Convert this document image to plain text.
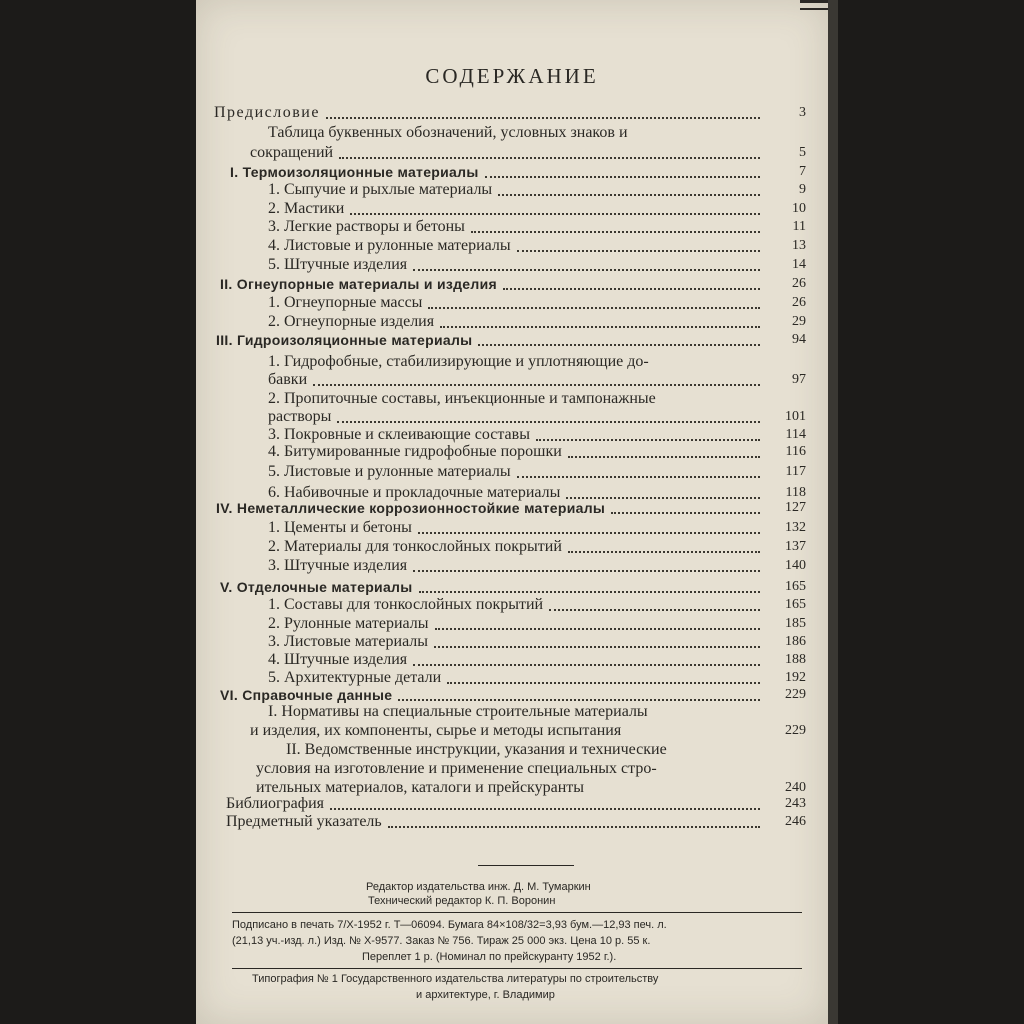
СОДЕРЖАНИЕ
Предисловие	3
Таблица буквенных обозначений, условных знаков и
сокращений	5
I. Термоизоляционные материалы	7
1. Сыпучие и рыхлые материалы	9
2. Мастики	10
3. Легкие растворы и бетоны	11
4. Листовые и рулонные материалы	13
5. Штучные изделия	14
II. Огнеупорные материалы и изделия	26
1. Огнеупорные массы	26
2. Огнеупорные изделия	29
III. Гидроизоляционные материалы	94
1. Гидрофобные, стабилизирующие и уплотняющие до-
бавки	97
2. Пропиточные составы, инъекционные и тампонажные
растворы	101
3. Покровные и склеивающие составы	114
4. Битумированные гидрофобные порошки	116
5. Листовые и рулонные материалы	117
6. Набивочные и прокладочные материалы	118
IV. Неметаллические коррозионностойкие материалы	127
1. Цементы и бетоны	132
2. Материалы для тонкослойных покрытий	137
3. Штучные изделия	140
V. Отделочные материалы	165
1. Составы для тонкослойных покрытий	165
2. Рулонные материалы	185
3. Листовые материалы	186
4. Штучные изделия	188
5. Архитектурные детали	192
VI. Справочные данные	229
I. Нормативы на специальные строительные материалы
и изделия, их компоненты, сырье и методы испытания	229
II. Ведомственные инструкции, указания и технические
условия на изготовление и применение специальных стро-
ительных материалов, каталоги и прейскуранты	240
Библиография	243
Предметный указатель	246
Редактор издательства инж. Д. М. Тумаркин
Технический редактор К. П. Воронин
Подписано в печать 7/X-1952 г. Т—06094. Бумага 84×108/32=3,93 бум.—12,93 печ. л.
(21,13 уч.-изд. л.) Изд. № X-9577. Заказ № 756. Тираж 25 000 экз. Цена 10 р. 55 к.
Переплет 1 р. (Номинал по прейскуранту 1952 г.).
Типография № 1 Государственного издательства литературы по строительству
и архитектуре, г. Владимир
